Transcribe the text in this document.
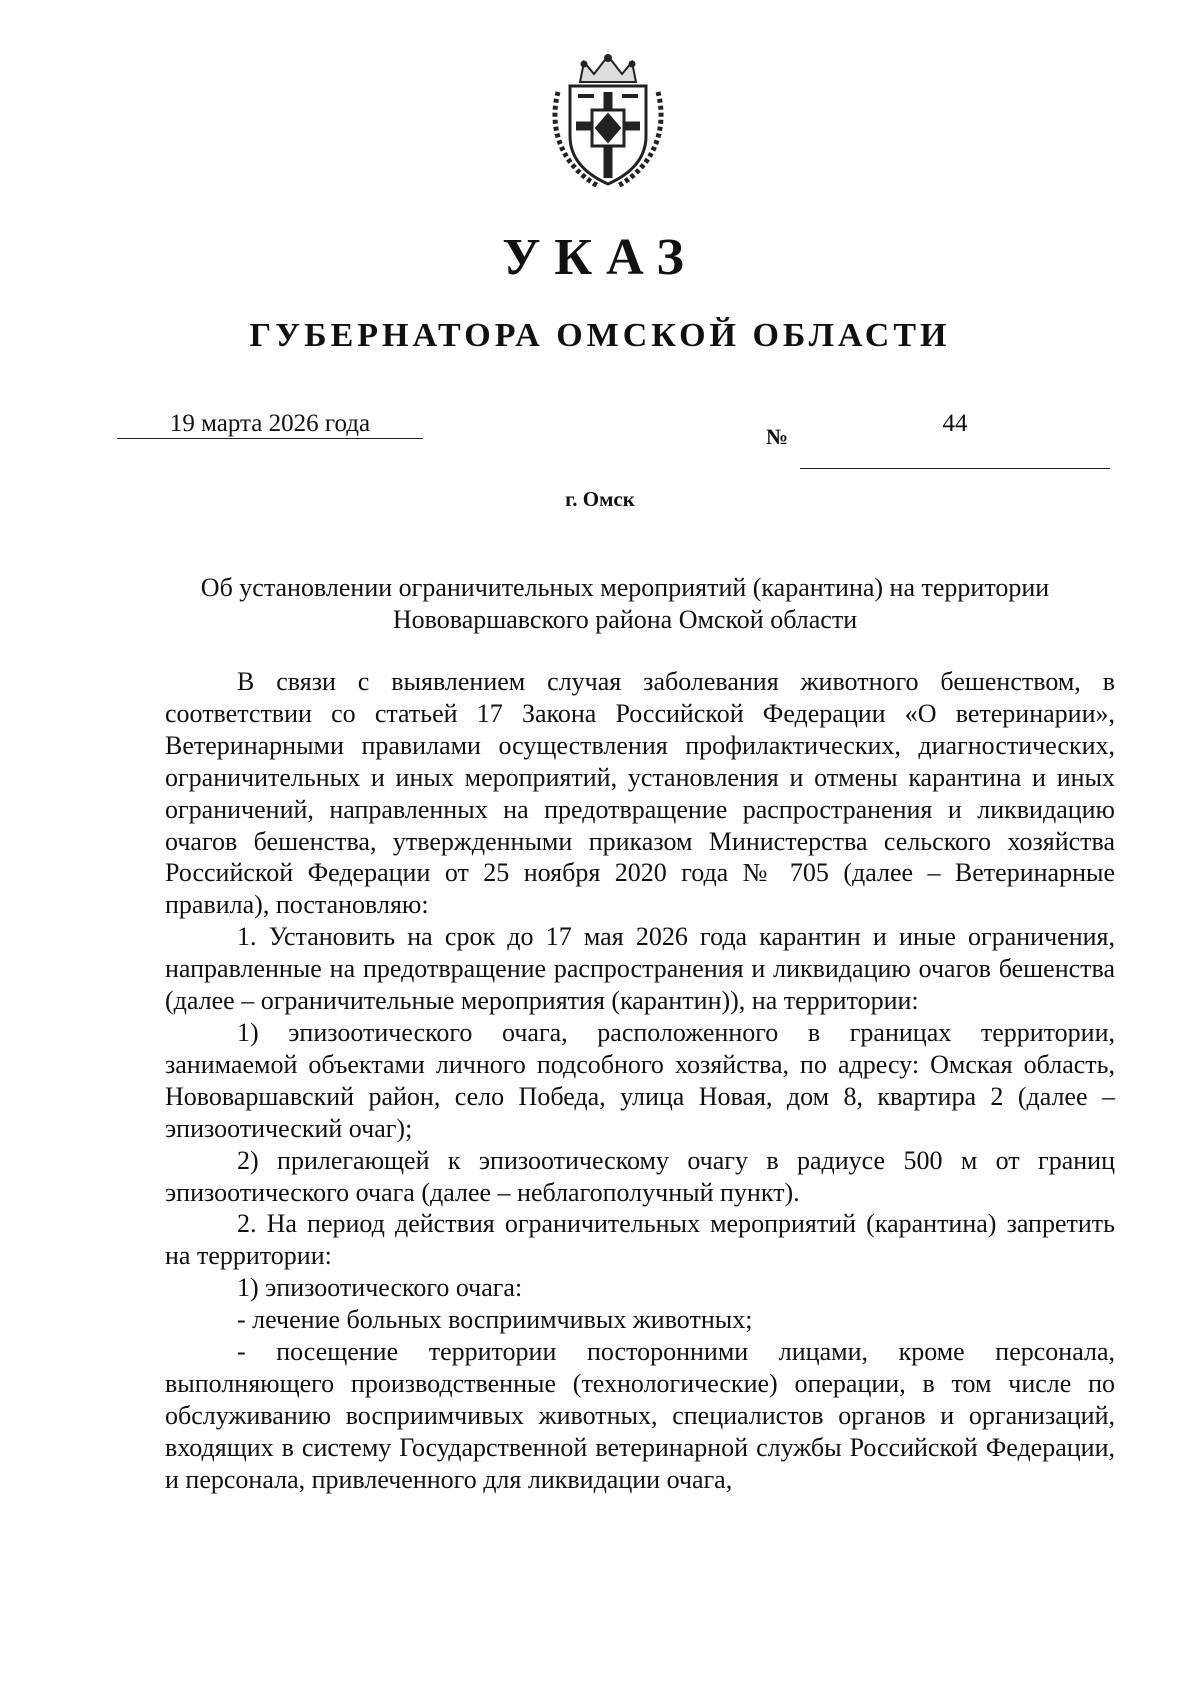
УКАЗ
ГУБЕРНАТОРА ОМСКОЙ ОБЛАСТИ
19 марта 2026 года	№	44
г. Омск
Об установлении ограничительных мероприятий (карантина) на территории
Нововаршавского района Омской области

В связи с выявлением случая заболевания животного бешенством, в соответствии со статьей 17 Закона Российской Федерации «О ветеринарии», Ветеринарными правилами осуществления профилактических, диагностических, ограничительных и иных мероприятий, установления и отмены карантина и иных ограничений, направленных на предотвращение распространения и ликвидацию очагов бешенства, утвержденными приказом Министерства сельского хозяйства Российской Федерации от 25 ноября 2020 года № 705 (далее – Ветеринарные правила), постановляю:

1. Установить на срок до 17 мая 2026 года карантин и иные ограничения, направленные на предотвращение распространения и ликвидацию очагов бешенства (далее – ограничительные мероприятия (карантин)), на территории:

1) эпизоотического очага, расположенного в границах территории, занимаемой объектами личного подсобного хозяйства, по адресу: Омская область, Нововаршавский район, село Победа, улица Новая, дом 8, квартира 2 (далее – эпизоотический очаг);

2) прилегающей к эпизоотическому очагу в радиусе 500 м от границ эпизоотического очага (далее – неблагополучный пункт).

2. На период действия ограничительных мероприятий (карантина) запретить на территории:

1) эпизоотического очага:

- лечение больных восприимчивых животных;

- посещение территории посторонними лицами, кроме персонала, выполняющего производственные (технологические) операции, в том числе по обслуживанию восприимчивых животных, специалистов органов и организаций, входящих в систему Государственной ветеринарной службы Российской Федерации, и персонала, привлеченного для ликвидации очага,
